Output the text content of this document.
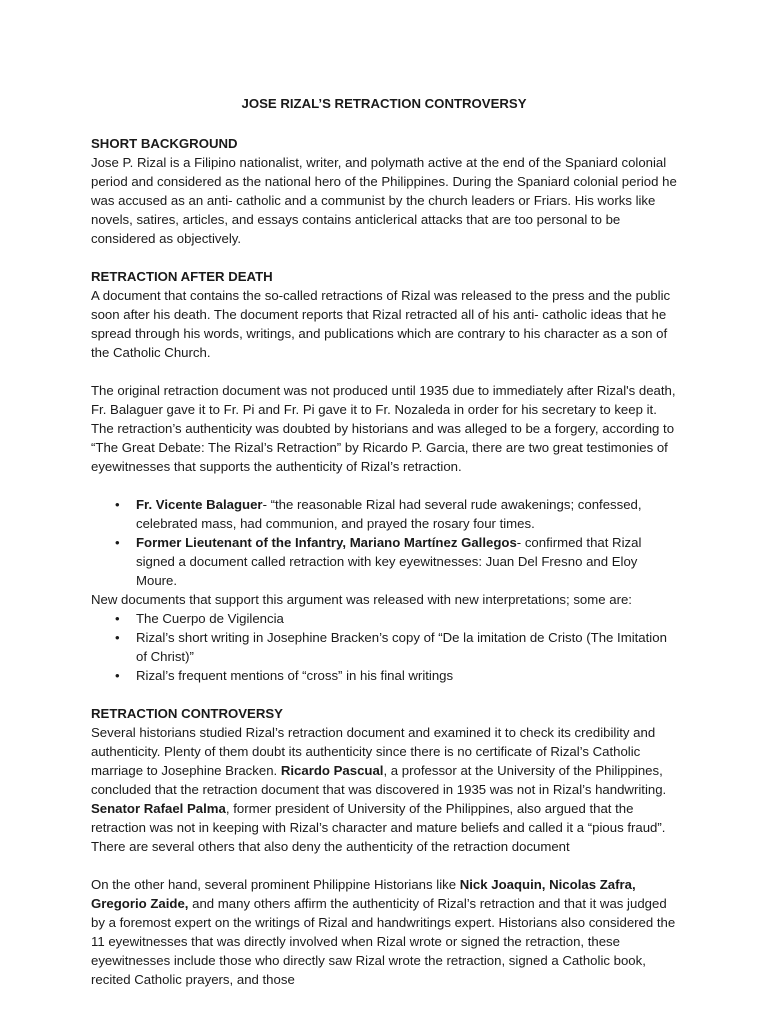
JOSE RIZAL’S RETRACTION CONTROVERSY

SHORT BACKGROUND

Jose P. Rizal is a Filipino nationalist, writer, and polymath active at the end of the Spaniard colonial period and considered as the national hero of the Philippines. During the Spaniard colonial period he was accused as an anti- catholic and a communist by the church leaders or Friars. His works like novels, satires, articles, and essays contains anticlerical attacks that are too personal to be considered as objectively.

RETRACTION AFTER DEATH

A document that contains the so-called retractions of Rizal was released to the press and the public soon after his death. The document reports that Rizal retracted all of his anti- catholic ideas that he spread through his words, writings, and publications which are contrary to his character as a son of the Catholic Church.

The original retraction document was not produced until 1935 due to immediately after Rizal's death, Fr. Balaguer gave it to Fr. Pi and Fr. Pi gave it to Fr. Nozaleda in order for his secretary to keep it. The retraction’s authenticity was doubted by historians and was alleged to be a forgery, according to “The Great Debate: The Rizal’s Retraction” by Ricardo P. Garcia, there are two great testimonies of eyewitnesses that supports the authenticity of Rizal’s retraction.

• Fr. Vicente Balaguer- “the reasonable Rizal had several rude awakenings; confessed, celebrated mass, had communion, and prayed the rosary four times.
• Former Lieutenant of the Infantry, Mariano Martínez Gallegos- confirmed that Rizal signed a document called retraction with key eyewitnesses: Juan Del Fresno and Eloy Moure.

New documents that support this argument was released with new interpretations; some are:

• The Cuerpo de Vigilencia
• Rizal’s short writing in Josephine Bracken’s copy of “De la imitation de Cristo (The Imitation of Christ)”
• Rizal’s frequent mentions of “cross” in his final writings

RETRACTION CONTROVERSY

Several historians studied Rizal’s retraction document and examined it to check its credibility and authenticity. Plenty of them doubt its authenticity since there is no certificate of Rizal’s Catholic marriage to Josephine Bracken. Ricardo Pascual, a professor at the University of the Philippines, concluded that the retraction document that was discovered in 1935 was not in Rizal’s handwriting. Senator Rafael Palma, former president of University of the Philippines, also argued that the retraction was not in keeping with Rizal’s character and mature beliefs and called it a “pious fraud”. There are several others that also deny the authenticity of the retraction document

On the other hand, several prominent Philippine Historians like Nick Joaquin, Nicolas Zafra, Gregorio Zaide, and many others affirm the authenticity of Rizal’s retraction and that it was judged by a foremost expert on the writings of Rizal and handwritings expert. Historians also considered the 11 eyewitnesses that was directly involved when Rizal wrote or signed the retraction, these eyewitnesses include those who directly saw Rizal wrote the retraction, signed a Catholic book, recited Catholic prayers, and those
